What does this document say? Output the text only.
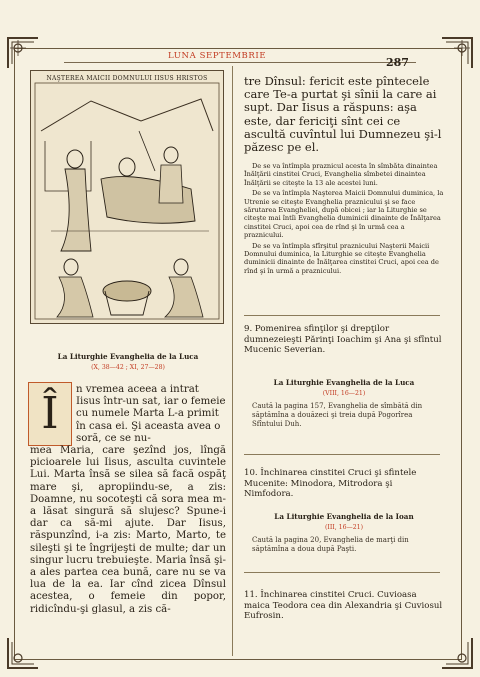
LUNA SEPTEMBRIE	287
NAŞTEREA MAICII DOMNULUI IISUS HRISTOS	tre Dînsul: fericit este pîntecele care Te-a purtat şi sînii la care ai supt. Dar Iisus a răspuns: aşa este, dar fericiţi sînt cei ce ascultă cuvîntul lui Dumnezeu şi-l păzesc pe el.

De se va întîmpla praznicul acesta în sîmbăta dinaintea Înălţării cinstitei Cruci, Evanghelia sîmbetei dinaintea Înălţării se citeşte la 13 ale acestei luni.

De se va întîmpla Naşterea Maicii Domnului duminica, la Utrenie se citeşte Evanghelia praznicului şi se face sărutarea Evangheliei, după obicei ; iar la Liturghie se citeşte mai întîi Evanghelia duminicii dinainte de Înălţarea cinstitei Cruci, apoi cea de rînd şi în urmă cea a praznicului.

De se va întîmpla sfîrşitul praznicului Naşterii Maicii Domnului duminica, la Liturghie se citeşte Evanghelia duminicii dinainte de Înălţarea cinstitei Cruci, apoi cea de rînd şi în urmă a praznicului.

La Liturghie Evanghelia de la Luca
(X, 38—42 ; XI, 27—28)
Î	n vremea aceea a intrat Iisus într-un sat, iar o femeie cu numele Marta L-a primit în casa ei. Şi aceasta avea o soră, ce se nu-
mea Maria, care şezînd jos, lîngă picioarele lui Iisus, asculta cuvintele Lui. Marta însă se silea să facă ospăţ mare şi, apropiindu-se, a zis: Doamne, nu socoteşti că sora mea m-a lăsat singură să slujesc? Spune-i dar ca să-mi ajute. Dar Iisus, răspunzînd, i-a zis: Marto, Marto, te sileşti şi te îngrijeşti de multe; dar un singur lucru trebuieşte. Maria însă şi-a ales partea cea bună, care nu se va lua de la ea. Iar cînd zicea Dînsul acestea, o femeie din popor, ridicîndu-şi glasul, a zis că-
9. Pomenirea sfinţilor şi drepţilor dumnezeieşti Părinţi Ioachim şi Ana şi sfîntul Mucenic Severian.
La Liturghie Evanghelia de la Luca
(VIII, 16—21)
Caută la pagina 157, Evanghelia de sîmbătă din săptămîna a douăzeci şi treia după Pogorîrea Sfîntului Duh.
10. Închinarea cinstitei Cruci şi sfintele Mucenite: Minodora, Mitrodora şi Nimfodora.
La Liturghie Evanghelia de la Ioan
(III, 16—21)
Caută la pagina 20, Evanghelia de marţi din săptămîna a doua după Paşti.
11. Închinarea cinstitei Cruci. Cuvioasa maica Teodora cea din Alexandria şi Cuviosul Eufrosin.
